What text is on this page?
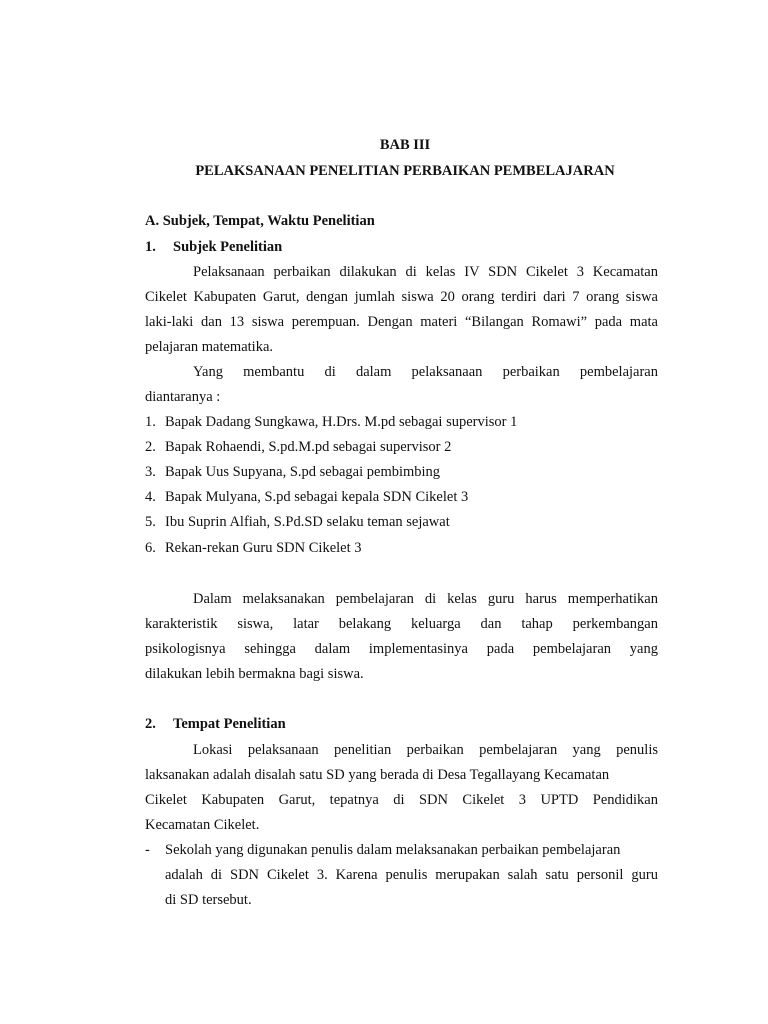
BAB III
PELAKSANAAN PENELITIAN PERBAIKAN PEMBELAJARAN
A. Subjek, Tempat, Waktu Penelitian
1. Subjek Penelitian
Pelaksanaan perbaikan dilakukan di kelas IV SDN Cikelet 3 Kecamatan
Cikelet Kabupaten Garut, dengan jumlah siswa 20 orang terdiri dari 7 orang siswa
laki-laki dan 13 siswa perempuan. Dengan materi “Bilangan Romawi” pada mata
pelajaran matematika.
Yang membantu di dalam pelaksanaan perbaikan pembelajaran
diantaranya :
1. Bapak Dadang Sungkawa, H.Drs. M.pd sebagai supervisor 1
2. Bapak Rohaendi, S.pd.M.pd sebagai supervisor 2
3. Bapak Uus Supyana, S.pd sebagai pembimbing
4. Bapak Mulyana, S.pd sebagai kepala SDN Cikelet 3
5. Ibu Suprin Alfiah, S.Pd.SD selaku teman sejawat
6. Rekan-rekan Guru SDN Cikelet 3
Dalam melaksanakan pembelajaran di kelas guru harus memperhatikan
karakteristik siswa, latar belakang keluarga dan tahap perkembangan
psikologisnya sehingga dalam implementasinya pada pembelajaran yang
dilakukan lebih bermakna bagi siswa.
2. Tempat Penelitian
Lokasi pelaksanaan penelitian perbaikan pembelajaran yang penulis
laksanakan adalah disalah satu SD yang berada di Desa Tegallayang Kecamatan
Cikelet Kabupaten Garut, tepatnya di SDN Cikelet 3 UPTD Pendidikan
Kecamatan Cikelet.
- Sekolah yang digunakan penulis dalam melaksanakan perbaikan pembelajaran
adalah di SDN Cikelet 3. Karena penulis merupakan salah satu personil guru
di SD tersebut.
